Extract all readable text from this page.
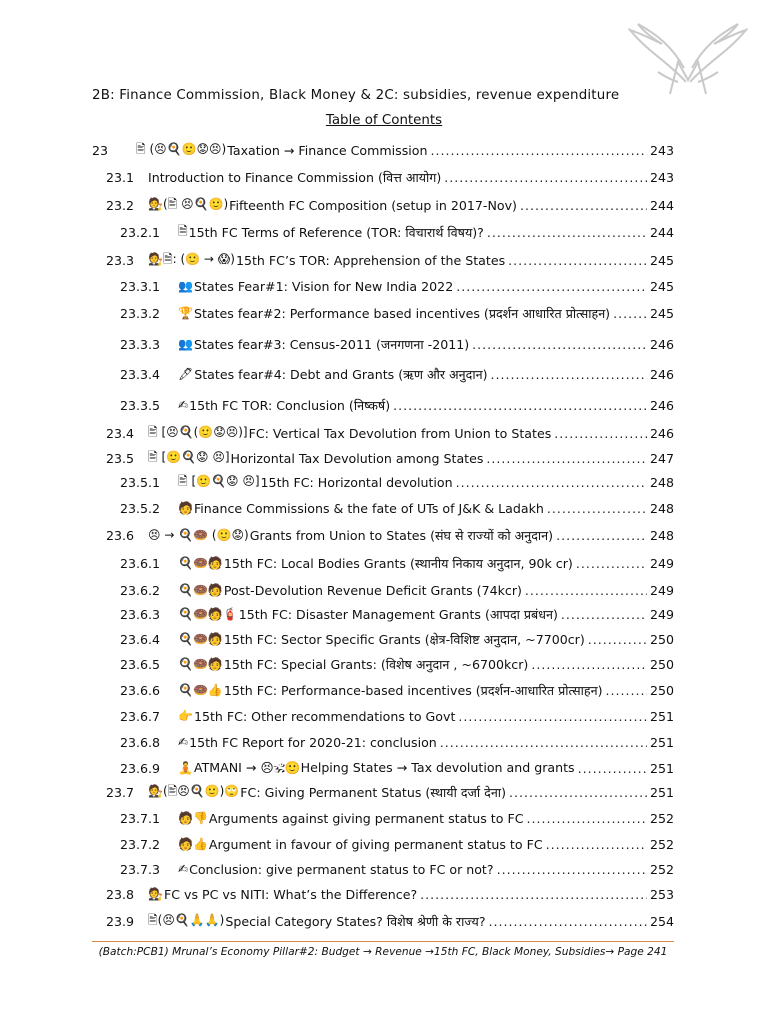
2B: Finance Commission, Black Money & 2C: subsidies, revenue expenditure
Table of Contents
23 🖹 (😣🍳🙂😟😣) Taxation → Finance Commission .....	243
23.1 Introduction to Finance Commission (वित्त आयोग) .....	243
23.2 🧑‍⚖️(🖹 😣🍳🙂) Fifteenth FC Composition (setup in 2017-Nov) .....	244
23.2.1 🗎 15th FC Terms of Reference (TOR: विचारार्थ विषय)? .....	244
23.3 🧑‍⚖️🗎: (🙂 → 😱) 15th FC’s TOR: Apprehension of the States .....	245
23.3.1 👥 States Fear#1: Vision for New India 2022 .....	245
23.3.2 🏆 States fear#2: Performance based incentives (प्रदर्शन आधारित प्रोत्साहन) .....	245
23.3.3 👥 States fear#3: Census-2011 (जनगणना -2011) .....	246
23.3.4 🖋 States fear#4: Debt and Grants (ऋण और अनुदान) .....	246
23.3.5 ✍ 15th FC TOR: Conclusion (निष्कर्ष) .....	246
23.4 🖹 [😣🍳(🙂😟😣)] FC: Vertical Tax Devolution from Union to States .....	246
23.5 🖹 [🙂🍳😟 😣] Horizontal Tax Devolution among States .....	247
23.5.1 🖹 [🙂🍳😟 😣] 15th FC: Horizontal devolution .....	248
23.5.2 🧑 Finance Commissions & the fate of UTs of J&K & Ladakh .....	248
23.6 😣 → 🍳🍩 (🙂😟) Grants from Union to States (संघ से राज्यों को अनुदान) .....	248
23.6.1 🍳🍩🧑 15th FC: Local Bodies Grants (स्थानीय निकाय अनुदान, 90k cr) .....	249
23.6.2 🍳🍩🧑 Post-Devolution Revenue Deficit Grants (74kcr) .....	249
23.6.3 🍳🍩🧑🧯 15th FC: Disaster Management Grants (आपदा प्रबंधन) .....	249
23.6.4 🍳🍩🧑 15th FC: Sector Specific Grants (क्षेत्र-विशिष्ट अनुदान, ~7700cr) .....	250
23.6.5 🍳🍩🧑 15th FC: Special Grants: (विशेष अनुदान , ~6700kcr) .....	250
23.6.6 🍳🍩👍 15th FC: Performance-based incentives (प्रदर्शन-आधारित प्रोत्साहन) .....	250
23.6.7 👉 15th FC: Other recommendations to Govt .....	251
23.6.8 ✍ 15th FC Report for 2020-21: conclusion .....	251
23.6.9 🧘 ATMANI → 😣🕉🙂Helping States → Tax devolution and grants .....	251
23.7 🧑‍⚖️(🖹😣🍳🙂)🙄 FC: Giving Permanent Status (स्थायी दर्जा देना) .....	251
23.7.1 🧑👎 Arguments against giving permanent status to FC .....	252
23.7.2 🧑👍 Argument in favour of giving permanent status to FC .....	252
23.7.3 ✍ Conclusion: give permanent status to FC or not? .....	252
23.8 🧑‍⚖️ FC vs PC vs NITI: What’s the Difference? .....	253
23.9 🖹(😣🍳🙏🙏) Special Category States? विशेष श्रेणी के राज्य? .....	254
(Batch:PCB1) Mrunal’s Economy Pillar#2: Budget → Revenue →15th FC, Black Money, Subsidies→ Page 241
